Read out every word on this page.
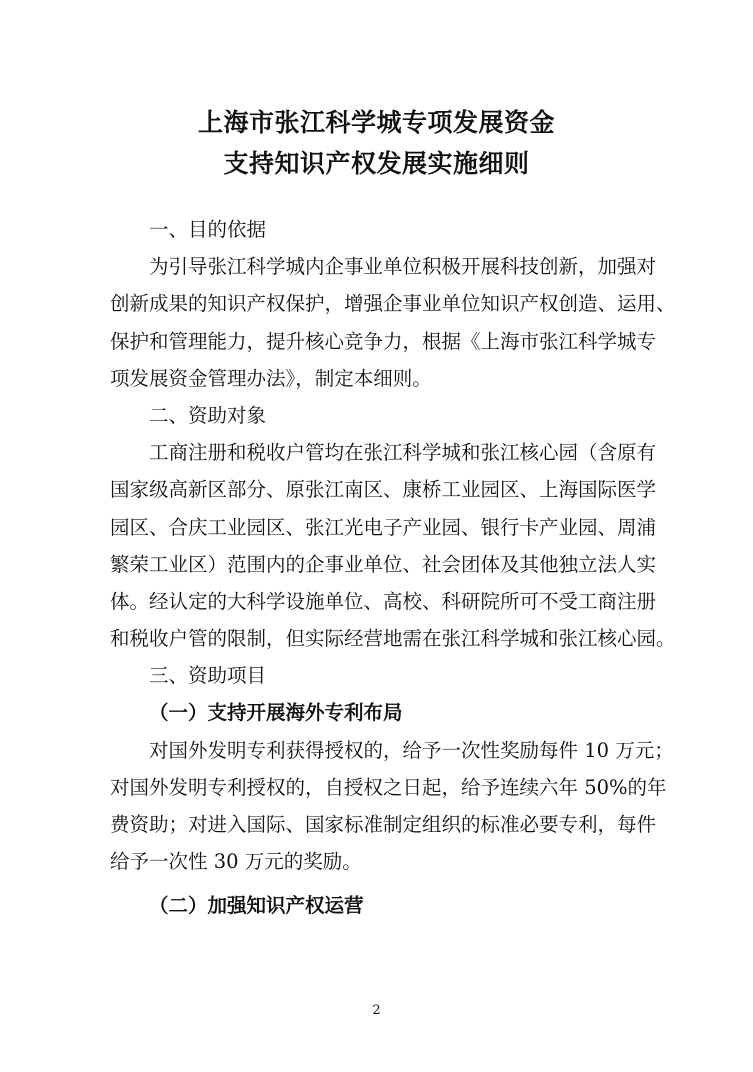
上海市张江科学城专项发展资金
支持知识产权发展实施细则
一、目的依据
为引导张江科学城内企事业单位积极开展科技创新，加强对
创新成果的知识产权保护，增强企事业单位知识产权创造、运用、
保护和管理能力，提升核心竞争力，根据《上海市张江科学城专
项发展资金管理办法》，制定本细则。
二、资助对象
工商注册和税收户管均在张江科学城和张江核心园（含原有
国家级高新区部分、原张江南区、康桥工业园区、上海国际医学
园区、合庆工业园区、张江光电子产业园、银行卡产业园、周浦
繁荣工业区）范围内的企事业单位、社会团体及其他独立法人实
体。经认定的大科学设施单位、高校、科研院所可不受工商注册
和税收户管的限制，但实际经营地需在张江科学城和张江核心园。
三、资助项目
（一）支持开展海外专利布局
对国外发明专利获得授权的，给予一次性奖励每件 10 万元；
对国外发明专利授权的，自授权之日起，给予连续六年 50%的年
费资助；对进入国际、国家标准制定组织的标准必要专利，每件
给予一次性 30 万元的奖励。
（二）加强知识产权运营
2
